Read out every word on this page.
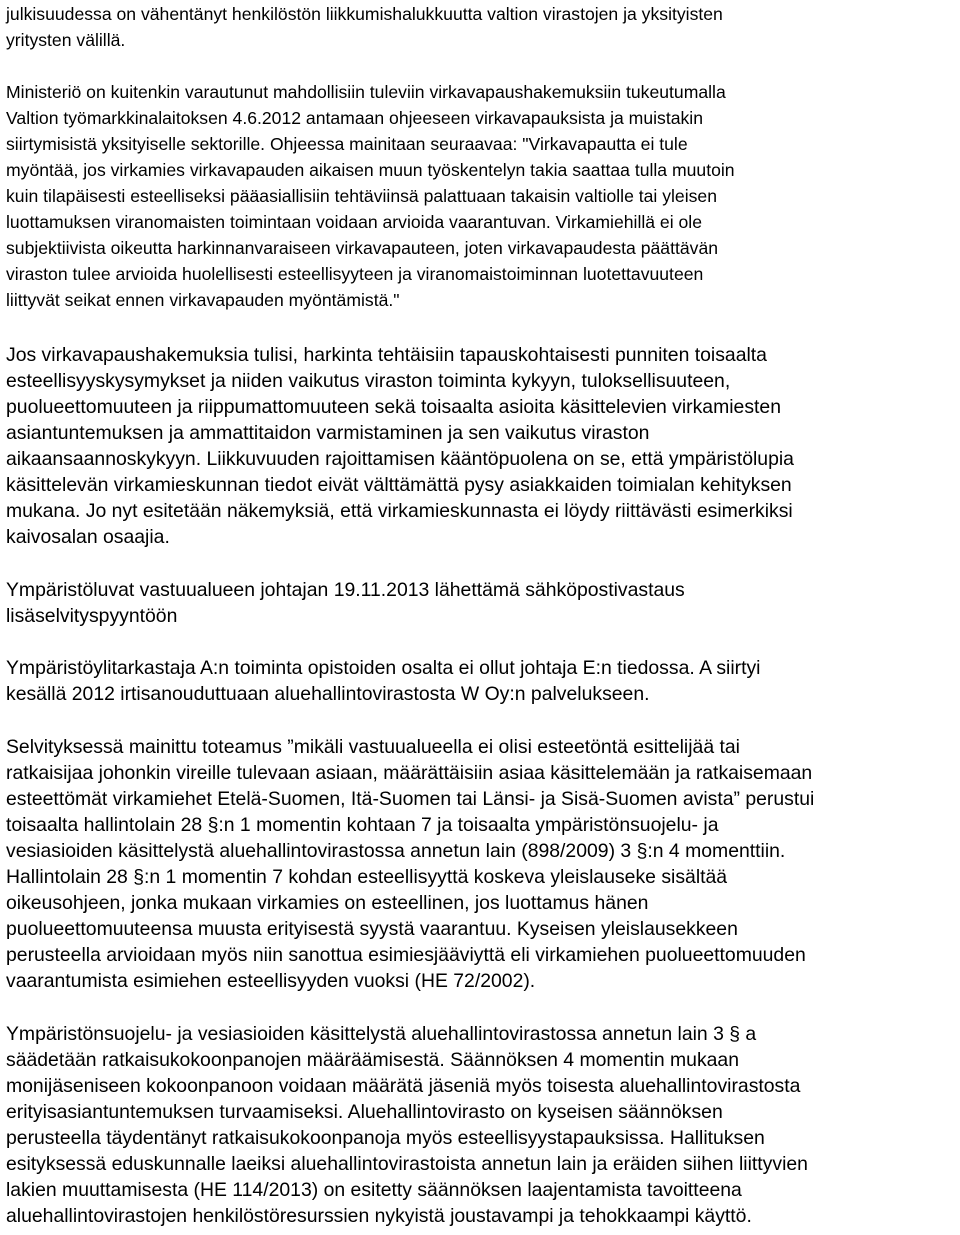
julkisuudessa on vähentänyt henkilöstön liikkumishalukkuutta valtion virastojen ja yksityisten
yritysten välillä.
Ministeriö on kuitenkin varautunut mahdollisiin tuleviin virkavapaushakemuksiin tukeutumalla
Valtion työmarkkinalaitoksen 4.6.2012 antamaan ohjeeseen virkavapauksista ja muistakin
siirtymisistä yksityiselle sektorille. Ohjeessa mainitaan seuraavaa: "Virkavapautta ei tule
myöntää, jos virkamies virkavapauden aikaisen muun työskentelyn takia saattaa tulla muutoin
kuin tilapäisesti esteelliseksi pääasiallisiin tehtäviinsä palattuaan takaisin valtiolle tai yleisen
luottamuksen viranomaisten toimintaan voidaan arvioida vaarantuvan. Virkamiehillä ei ole
subjektiivista oikeutta harkinnanvaraiseen virkavapauteen, joten virkavapaudesta päättävän
viraston tulee arvioida huolellisesti esteellisyyteen ja viranomaistoiminnan luotettavuuteen
liittyvät seikat ennen virkavapauden myöntämistä."
Jos virkavapaushakemuksia tulisi, harkinta tehtäisiin tapauskohtaisesti punniten toisaalta
esteellisyyskysymykset ja niiden vaikutus viraston toiminta kykyyn, tuloksellisuuteen,
puolueettomuuteen ja riippumattomuuteen sekä toisaalta asioita käsittelevien virkamiesten
asiantuntemuksen ja ammattitaidon varmistaminen ja sen vaikutus viraston
aikaansaannoskykyyn. Liikkuvuuden rajoittamisen kääntöpuolena on se, että ympäristölupia
käsittelevän virkamieskunnan tiedot eivät välttämättä pysy asiakkaiden toimialan kehityksen
mukana. Jo nyt esitetään näkemyksiä, että virkamieskunnasta ei löydy riittävästi esimerkiksi
kaivosalan osaajia.
Ympäristöluvat vastuualueen johtajan 19.11.2013 lähettämä sähköpostivastaus
lisäselvityspyyntöön
Ympäristöylitarkastaja A:n toiminta opistoiden osalta ei ollut johtaja E:n tiedossa. A siirtyi
kesällä 2012 irtisanouduttuaan aluehallintovirastosta W Oy:n palvelukseen.
Selvityksessä mainittu toteamus ”mikäli vastuualueella ei olisi esteetöntä esittelijää tai
ratkaisijaa johonkin vireille tulevaan asiaan, määrättäisiin asiaa käsittelemään ja ratkaisemaan
esteettömät virkamiehet Etelä-Suomen, Itä-Suomen tai Länsi- ja Sisä-Suomen avista” perustui
toisaalta hallintolain 28 §:n 1 momentin kohtaan 7 ja toisaalta ympäristönsuojelu- ja
vesiasioiden käsittelystä aluehallintovirastossa annetun lain (898/2009) 3 §:n 4 momenttiin.
Hallintolain 28 §:n 1 momentin 7 kohdan esteellisyyttä koskeva yleislauseke sisältää
oikeusohjeen, jonka mukaan virkamies on esteellinen, jos luottamus hänen
puolueettomuuteensa muusta erityisestä syystä vaarantuu. Kyseisen yleislausekkeen
perusteella arvioidaan myös niin sanottua esimiesjääviyttä eli virkamiehen puolueettomuuden
vaarantumista esimiehen esteellisyyden vuoksi (HE 72/2002).
Ympäristönsuojelu- ja vesiasioiden käsittelystä aluehallintovirastossa annetun lain 3 § a
säädetään ratkaisukokoonpanojen määräämisestä. Säännöksen 4 momentin mukaan
monijäseniseen kokoonpanoon voidaan määrätä jäseniä myös toisesta aluehallintovirastosta
erityisasiantuntemuksen turvaamiseksi. Aluehallintovirasto on kyseisen säännöksen
perusteella täydentänyt ratkaisukokoonpanoja myös esteellisyystapauksissa. Hallituksen
esityksessä eduskunnalle laeiksi aluehallintovirastoista annetun lain ja eräiden siihen liittyvien
lakien muuttamisesta (HE 114/2013) on esitetty säännöksen laajentamista tavoitteena
aluehallintovirastojen henkilöstöresurssien nykyistä joustavampi ja tehokkaampi käyttö.
